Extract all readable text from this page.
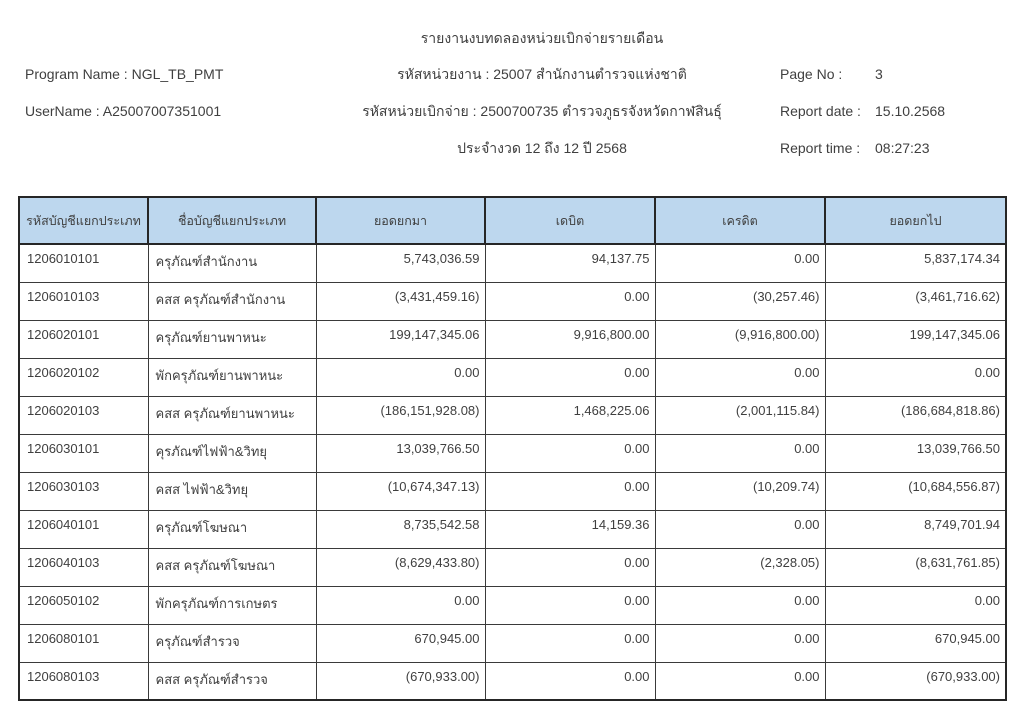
รายงานงบทดลองหน่วยเบิกจ่ายรายเดือน
Program Name : NGL_TB_PMT	รหัสหน่วยงาน : 25007 สำนักงานตำรวจแห่งชาติ	Page No : 3
UserName : A25007007351001	รหัสหน่วยเบิกจ่าย : 2500700735 ตำรวจภูธรจังหวัดกาฬสินธุ์	Report date : 15.10.2568
ประจำงวด 12 ถึง 12 ปี 2568	Report time : 08:27:23
รหัสบัญชีแยกประเภท	ชื่อบัญชีแยกประเภท	ยอดยกมา	เดบิต	เครดิต	ยอดยกไป
1206010101	ครุภัณฑ์สำนักงาน	5,743,036.59	94,137.75	0.00	5,837,174.34
1206010103	คสส ครุภัณฑ์สำนักงาน	(3,431,459.16)	0.00	(30,257.46)	(3,461,716.62)
1206020101	ครุภัณฑ์ยานพาหนะ	199,147,345.06	9,916,800.00	(9,916,800.00)	199,147,345.06
1206020102	พักครุภัณฑ์ยานพาหนะ	0.00	0.00	0.00	0.00
1206020103	คสส ครุภัณฑ์ยานพาหนะ	(186,151,928.08)	1,468,225.06	(2,001,115.84)	(186,684,818.86)
1206030101	คุรภัณฑ์ไฟฟ้า&วิทยุ	13,039,766.50	0.00	0.00	13,039,766.50
1206030103	คสส ไฟฟ้า&วิทยุ	(10,674,347.13)	0.00	(10,209.74)	(10,684,556.87)
1206040101	ครุภัณฑ์โฆษณา	8,735,542.58	14,159.36	0.00	8,749,701.94
1206040103	คสส ครุภัณฑ์โฆษณา	(8,629,433.80)	0.00	(2,328.05)	(8,631,761.85)
1206050102	พักครุภัณฑ์การเกษตร	0.00	0.00	0.00	0.00
1206080101	ครุภัณฑ์สำรวจ	670,945.00	0.00	0.00	670,945.00
1206080103	คสส ครุภัณฑ์สำรวจ	(670,933.00)	0.00	0.00	(670,933.00)
